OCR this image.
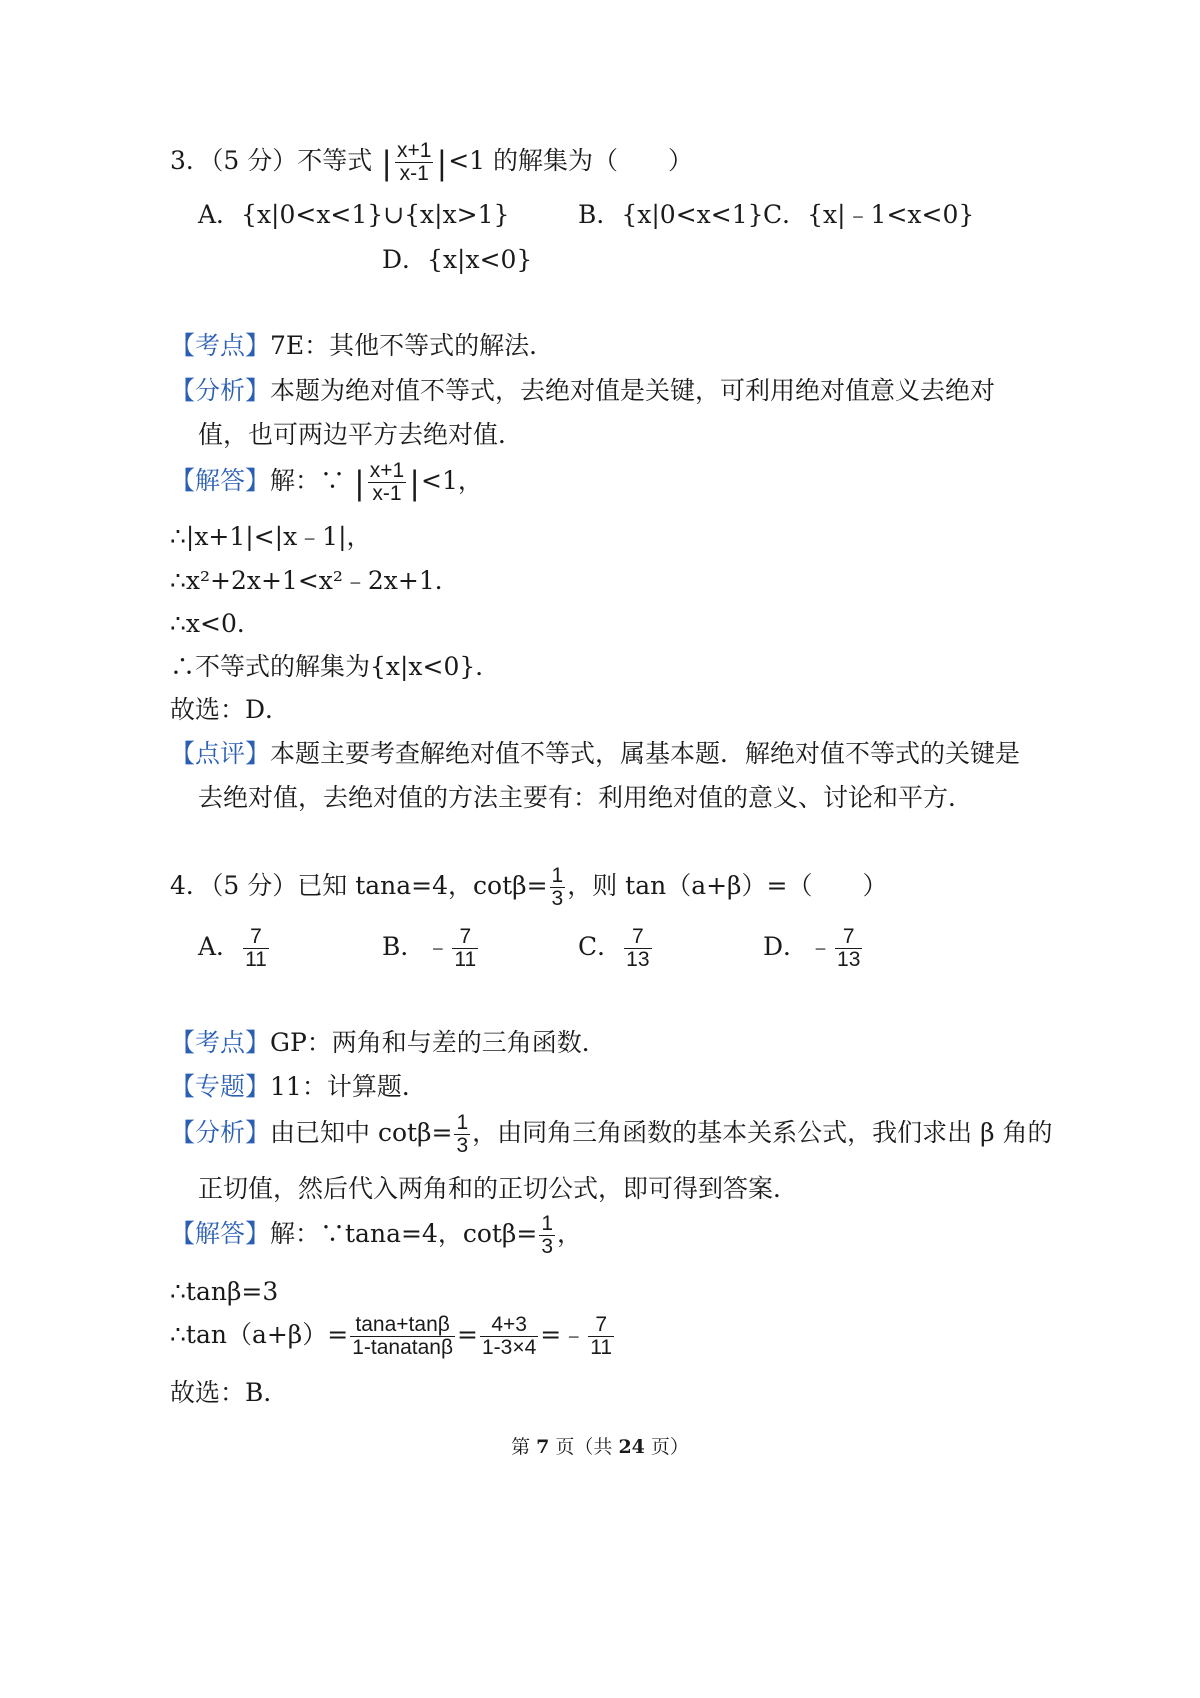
3．（5 分）不等式 | $\frac{x+1}{x-1} |<1$ 的解集为（　　）
A．{x|0<x<1}∪{x|x>1}	B．{x|0<x<1} C．{x|﹣1<x<0}
D．{x|x<0}
【考点】7E：其他不等式的解法．
【分析】本题为绝对值不等式，去绝对值是关键，可利用绝对值意义去绝对
值，也可两边平方去绝对值．
【解答】解：∵ | $\frac{x+1}{x-1} |<1$，
∴|x+1|<|x﹣1|，
∴x²+2x+1<x²﹣2x+1．
∴x<0．
∴不等式的解集为{x|x<0}．
故选：D．
【点评】本题主要考查解绝对值不等式，属基本题．解绝对值不等式的关键是
去绝对值，去绝对值的方法主要有：利用绝对值的意义、讨论和平方．
4．（5 分）已知 tana=4，$\cot\beta= \frac{1}{3}$ ，则 tan（a+β）=（　　）
A． $\frac{7}{11}$	B．﹣ $\frac{7}{11}$	C． $\frac{7}{13}$	D．﹣ $\frac{7}{13}$
【考点】GP：两角和与差的三角函数．
【专题】11：计算题．
【分析】由已知中 $\cot\beta= \frac{1}{3}$ ，由同角三角函数的基本关系公式，我们求出 β 角的
正切值，然后代入两角和的正切公式，即可得到答案．
【解答】解：∵tana=4，$\cot\beta= \frac{1}{3}$ ，
∴tanβ=3
∴tan（a+β）= $\frac{\tan a+\tan\beta}{\text{1-tanatanβ}} = \frac{4+3}{1-3\times 4}$ =﹣ $\frac{7}{11}$
故选：B．
第 7 页（共 24 页）
